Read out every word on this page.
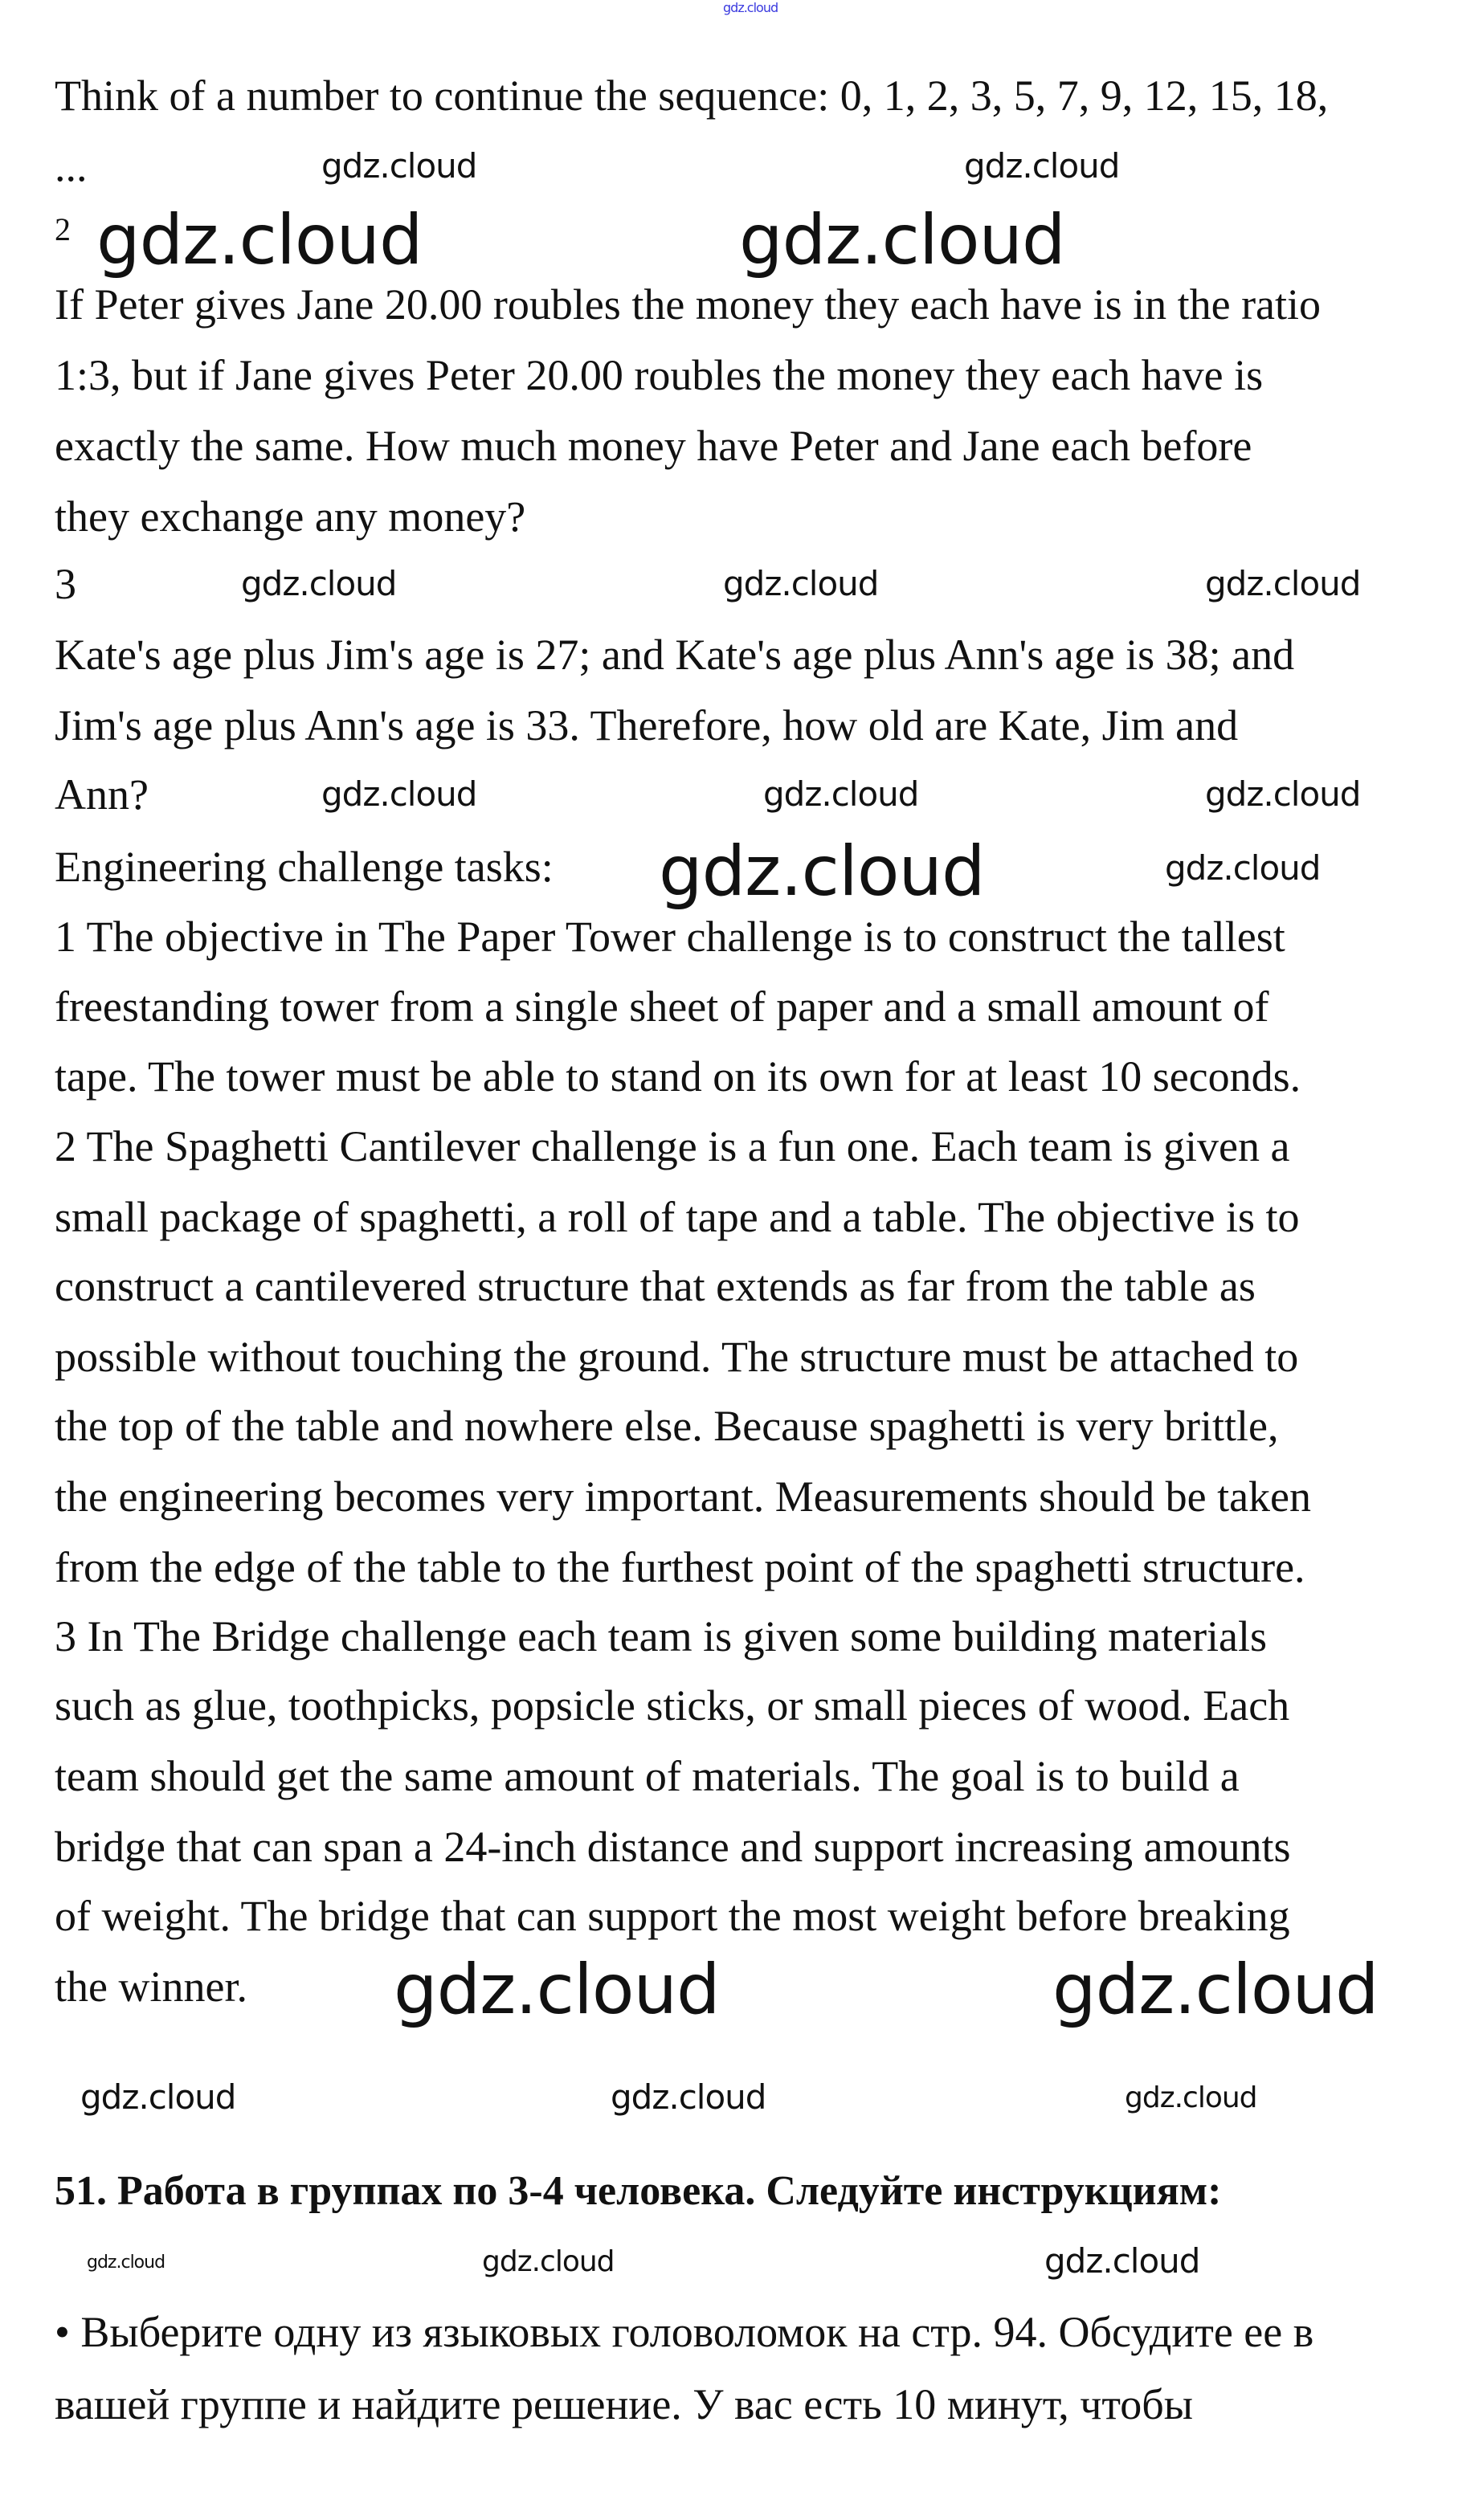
gdz.cloud
Think of a number to continue the sequence: 0, 1, 2, 3, 5, 7, 9, 12, 15, 18,
...
2
If Peter gives Jane 20.00 roubles the money they each have is in the ratio
1:3, but if Jane gives Peter 20.00 roubles the money they each have is
exactly the same. How much money have Peter and Jane each before
they exchange any money?
3
Kate's age plus Jim's age is 27; and Kate's age plus Ann's age is 38; and
Jim's age plus Ann's age is 33. Therefore, how old are Kate, Jim and
Ann?
Engineering challenge tasks:
1 The objective in The Paper Tower challenge is to construct the tallest
freestanding tower from a single sheet of paper and a small amount of
tape. The tower must be able to stand on its own for at least 10 seconds.
2 The Spaghetti Cantilever challenge is a fun one. Each team is given a
small package of spaghetti, a roll of tape and a table. The objective is to
construct a cantilevered structure that extends as far from the table as
possible without touching the ground. The structure must be attached to
the top of the table and nowhere else. Because spaghetti is very brittle,
the engineering becomes very important. Measurements should be taken
from the edge of the table to the furthest point of the spaghetti structure.
3 In The Bridge challenge each team is given some building materials
such as glue, toothpicks, popsicle sticks, or small pieces of wood. Each
team should get the same amount of materials. The goal is to build a
bridge that can span a 24-inch distance and support increasing amounts
of weight. The bridge that can support the most weight before breaking
the winner.
51. Работа в группах по 3-4 человека. Следуйте инструкциям:
• Выберите одну из языковых головоломок на стр. 94. Обсудите ее в
вашей группе и найдите решение. У вас есть 10 минут, чтобы
gdz.cloud	gdz.cloud
gdz.cloud	gdz.cloud
gdz.cloud	gdz.cloud	gdz.cloud
gdz.cloud	gdz.cloud	gdz.cloud
gdz.cloud	gdz.cloud
gdz.cloud	gdz.cloud
gdz.cloud	gdz.cloud	gdz.cloud
gdz.cloud	gdz.cloud	gdz.cloud
